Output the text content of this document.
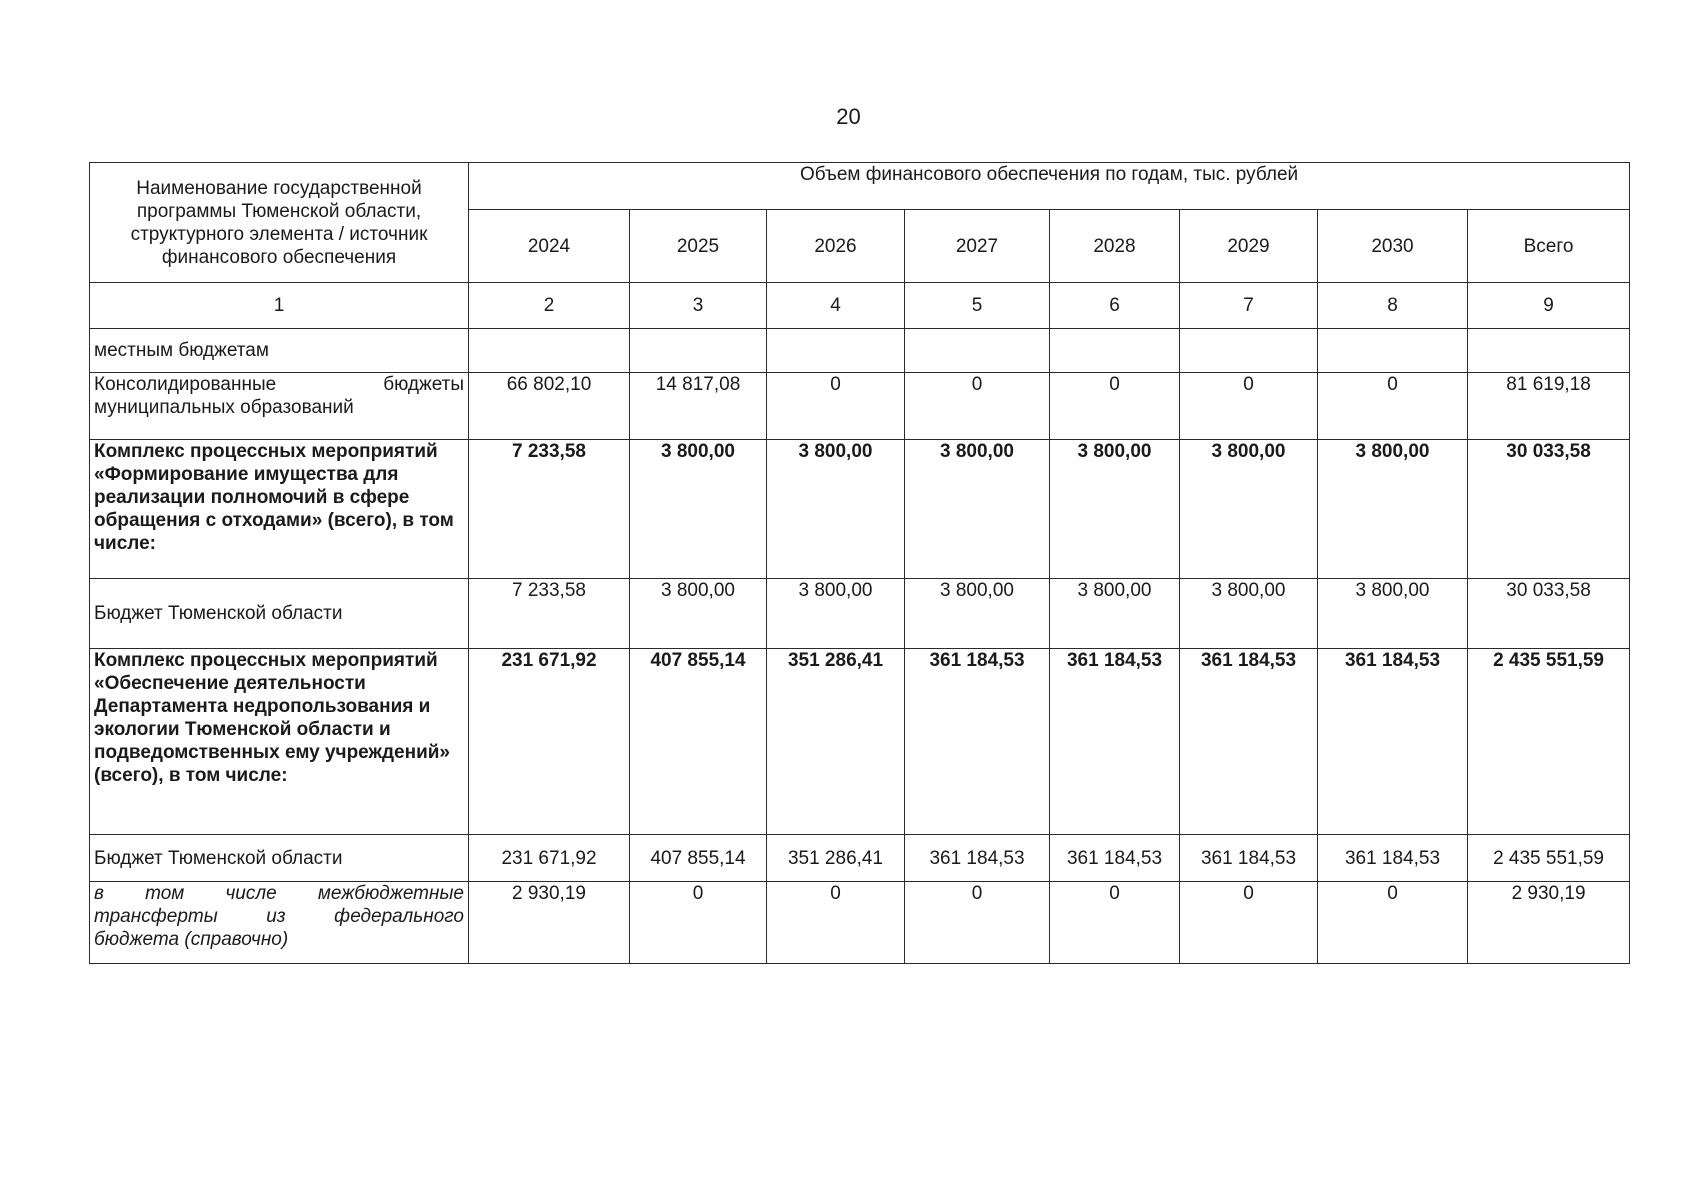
20
Наименование государственной программы Тюменской области, структурного элемента / источник финансового обеспечения	Объем финансового обеспечения по годам, тыс. рублей							
	2024	2025	2026	2027	2028	2029	2030	Всего
1	2	3	4	5	6	7	8	9
местным бюджетам								
Консолидированные бюджеты муниципальных образований	66 802,10	14 817,08	0	0	0	0	0	81 619,18
Комплекс процессных мероприятий «Формирование имущества для реализации полномочий в сфере обращения с отходами» (всего), в том числе:	7 233,58	3 800,00	3 800,00	3 800,00	3 800,00	3 800,00	3 800,00	30 033,58
Бюджет Тюменской области	7 233,58	3 800,00	3 800,00	3 800,00	3 800,00	3 800,00	3 800,00	30 033,58
Комплекс процессных мероприятий «Обеспечение деятельности Департамента недропользования и экологии Тюменской области и подведомственных ему учреждений» (всего), в том числе:	231 671,92	407 855,14	351 286,41	361 184,53	361 184,53	361 184,53	361 184,53	2 435 551,59
Бюджет Тюменской области	231 671,92	407 855,14	351 286,41	361 184,53	361 184,53	361 184,53	361 184,53	2 435 551,59
в том числе межбюджетные трансферты из федерального бюджета (справочно)	2 930,19	0	0	0	0	0	0	2 930,19
